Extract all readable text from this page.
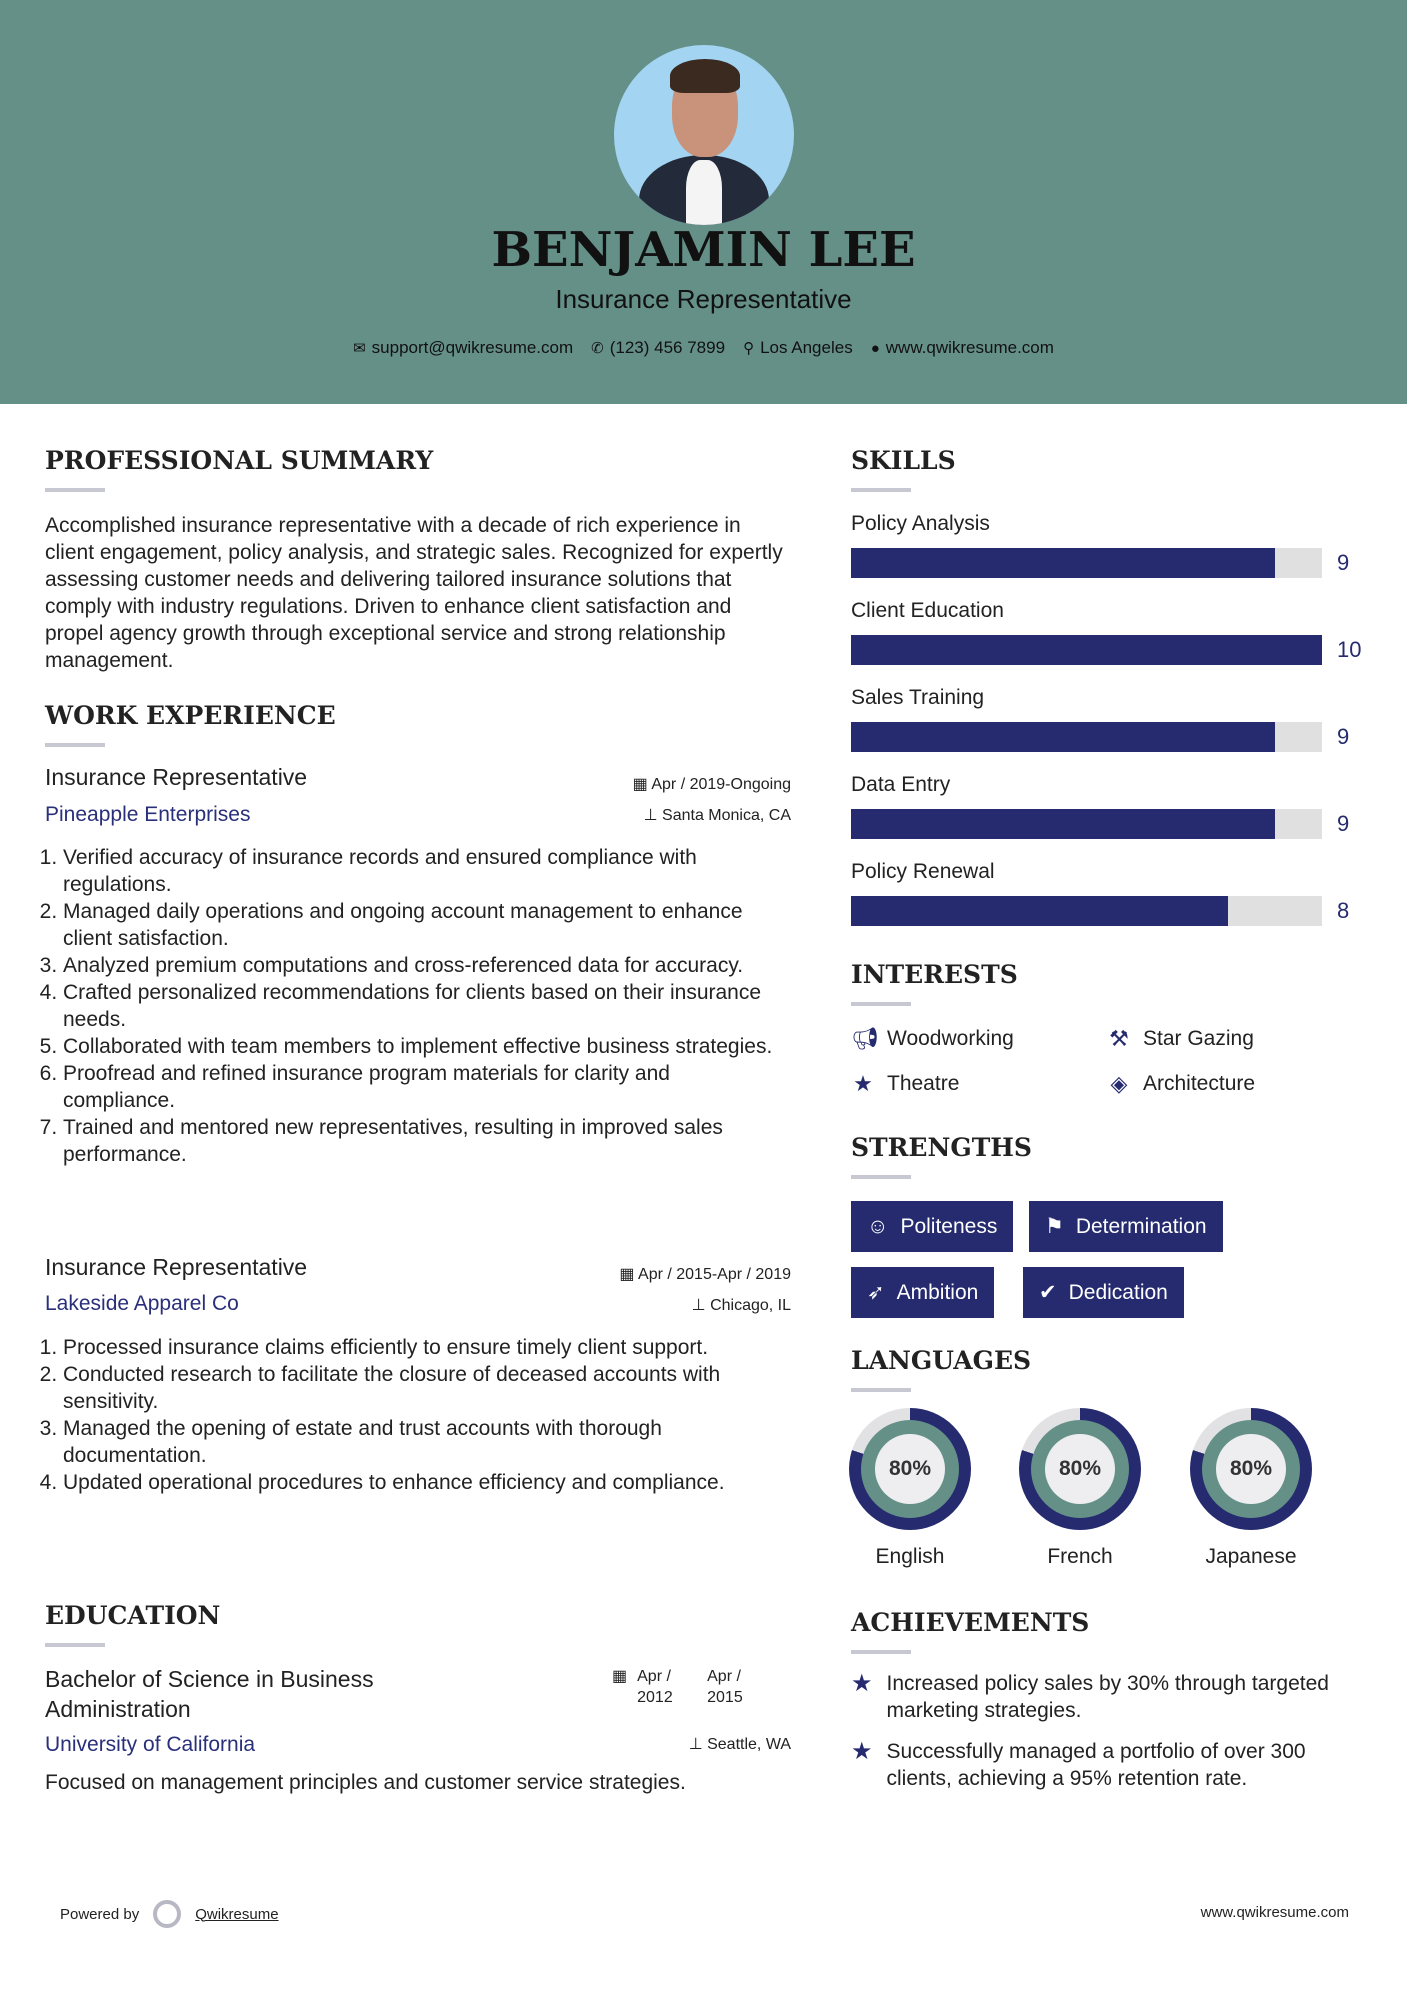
BENJAMIN LEE
Insurance Representative
✉ support@qwikresume.com ✆ (123) 456 7899 ⚲ Los Angeles ● www.qwikresume.com
PROFESSIONAL SUMMARY
Accomplished insurance representative with a decade of rich experience in client engagement, policy analysis, and strategic sales. Recognized for expertly assessing customer needs and delivering tailored insurance solutions that comply with industry regulations. Driven to enhance client satisfaction and propel agency growth through exceptional service and strong relationship management.
WORK EXPERIENCE
Insurance Representative	▦ Apr / 2019-Ongoing
Pineapple Enterprises	⊥ Santa Monica, CA
1. Verified accuracy of insurance records and ensured compliance with regulations.
2. Managed daily operations and ongoing account management to enhance client satisfaction.
3. Analyzed premium computations and cross-referenced data for accuracy.
4. Crafted personalized recommendations for clients based on their insurance needs.
5. Collaborated with team members to implement effective business strategies.
6. Proofread and refined insurance program materials for clarity and compliance.
7. Trained and mentored new representatives, resulting in improved sales performance.
Insurance Representative	▦ Apr / 2015-Apr / 2019
Lakeside Apparel Co	⊥ Chicago, IL
1. Processed insurance claims efficiently to ensure timely client support.
2. Conducted research to facilitate the closure of deceased accounts with sensitivity.
3. Managed the opening of estate and trust accounts with thorough documentation.
4. Updated operational procedures to enhance efficiency and compliance.
EDUCATION
Bachelor of Science in Business Administration
▦ Apr / 2012
Apr / 2015
University of California	⊥ Seattle, WA
Focused on management principles and customer service strategies.
SKILLS
Policy Analysis
9
Client Education
10
Sales Training
9
Data Entry
9
Policy Renewal
8
INTERESTS
📢︎ Woodworking	⚒ Star Gazing
★ Theatre	◈ Architecture
STRENGTHS
☺ Politeness ⚑ Determination
➶ Ambition	✔ Dedication
LANGUAGES
80%
English
80%
French
80%
Japanese
ACHIEVEMENTS
★ Increased policy sales by 30% through targeted marketing strategies.
★ Successfully managed a portfolio of over 300 clients, achieving a 95% retention rate.
Powered by	Qwikresume	www.qwikresume.com
